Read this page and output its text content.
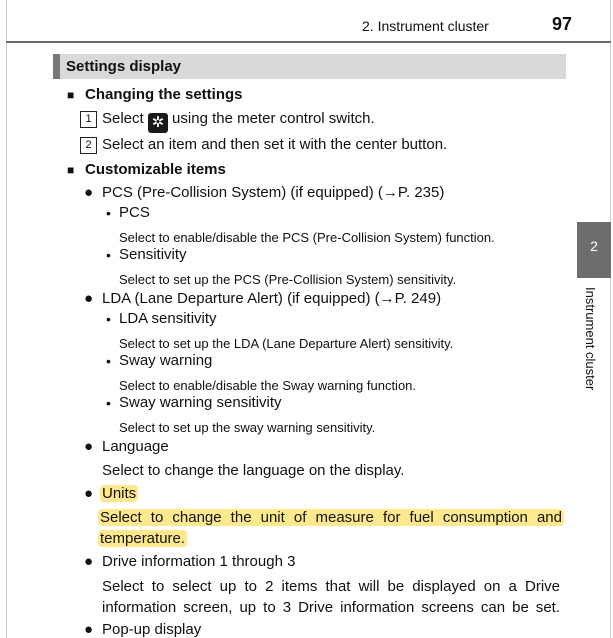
2. Instrument cluster	97
Settings display
■ Changing the settings
1 Select ✲ using the meter control switch.
2 Select an item and then set it with the center button.
■ Customizable items
● PCS (Pre-Collision System) (if equipped) (→P. 235)
• PCS
Select to enable/disable the PCS (Pre-Collision System) function.
• Sensitivity
Select to set up the PCS (Pre-Collision System) sensitivity.
● LDA (Lane Departure Alert) (if equipped) (→P. 249)
• LDA sensitivity
Select to set up the LDA (Lane Departure Alert) sensitivity.
• Sway warning
Select to enable/disable the Sway warning function.
• Sway warning sensitivity
Select to set up the sway warning sensitivity.
● Language
Select to change the language on the display.
● Units
Select to change the unit of measure for fuel consumption and
temperature.
● Drive information 1 through 3
Select to select up to 2 items that will be displayed on a Drive
information screen, up to 3 Drive information screens can be set.
● Pop-up display
2
Instrument cluster
